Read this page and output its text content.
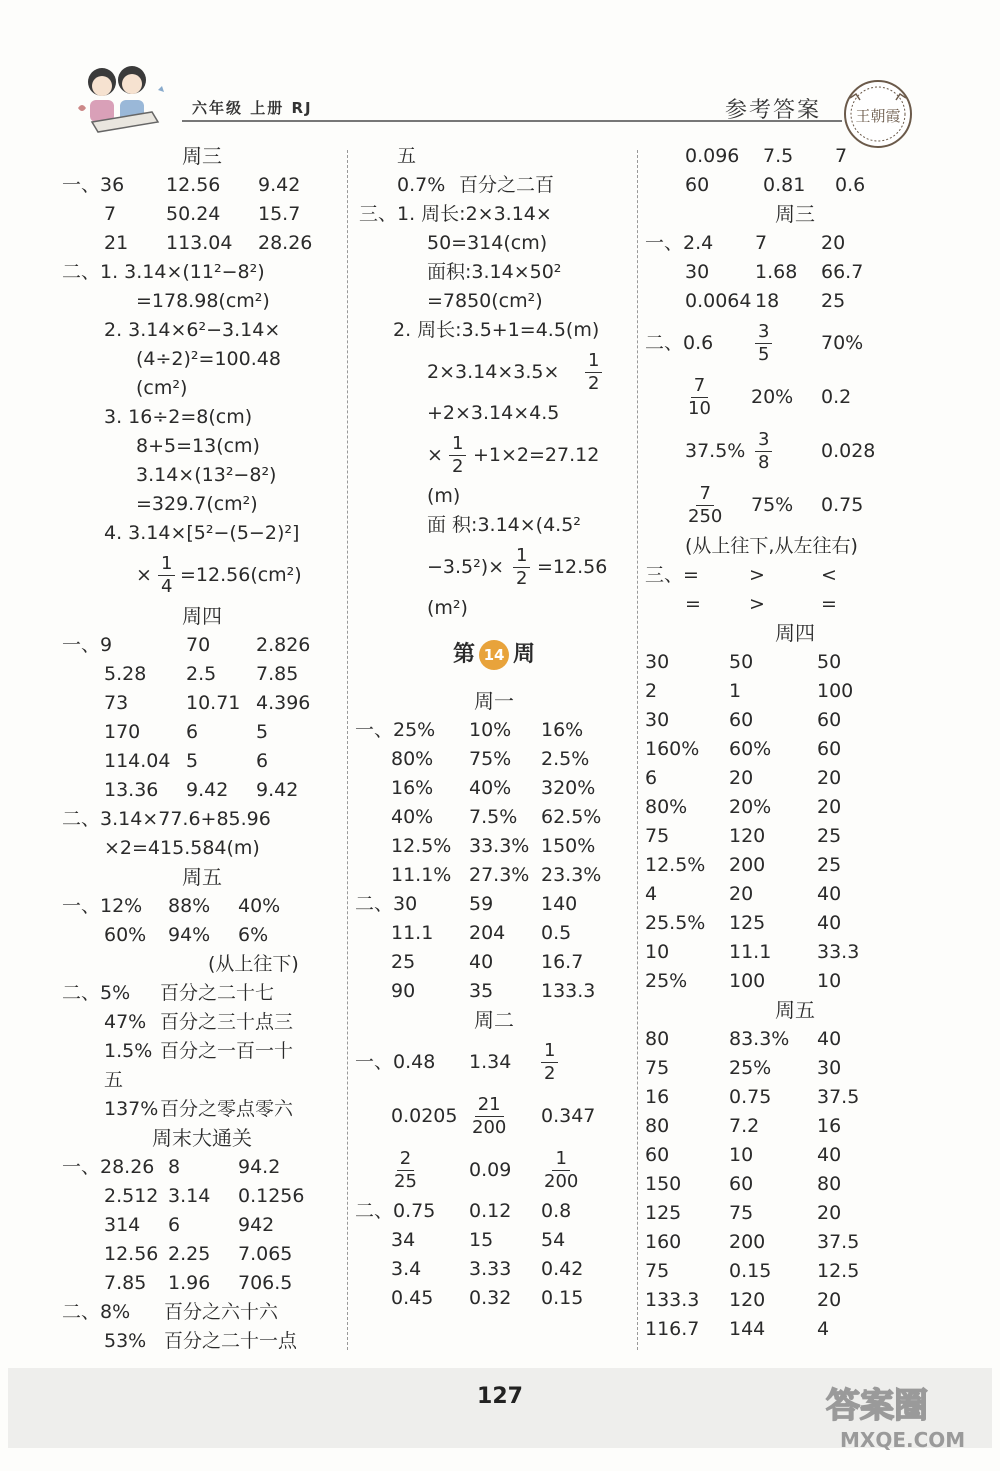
六年级 上册 RJ	参考答案 王朝霞
周三
一、36 12.56 9.42
7	50.24 15.7
21 113.04 28.26
二、1. 3.14×(11²−8²)
=178.98(cm²)
2. 3.14×6²−3.14×
(4÷2)²=100.48
(cm²)
3. 16÷2=8(cm)
8+5=13(cm)
3.14×(13²−8²)
=329.7(cm²)
4. 3.14×[5²−(5−2)²]
× $\frac{1}{4} =12.56(cm^2)$
周四
一、9	70 2.826
5.28 2.5 7.85
73	10.71 4.396
170 6	5
114.04 5	6
13.36 9.42 9.42
二、3.14×77.6+85.96
×2=415.584(m)
周五
一、12% 88% 40%
60% 94% 6%
(从上往下)
二、5% 百分之二十七
47% 百分之三十点三
1.5% 百分之一百一十
五
137% 百分之零点零六
周末大通关
一、28.26 8	94.2
2.512 3.14 0.1256
314 6	942
12.56 2.25 7.065
7.85 1.96 706.5
二、8% 百分之六十六
53% 百分之二十一点
五
0.7% 百分之二百
三、1. 周长:2×3.14×
50=314(cm)
面积:3.14×50²
=7850(cm²)
2. 周长:3.5+1=4.5(m)
$2\times 3.14\times 3.5\times \frac{1}{2}$
+2×3.14×4.5
× $\frac{1}{2} +1\times 2=27.12$
(m)
面 积:3.14×(4.5²
$-3.5^2)\times \frac{1}{2} =12.56$
(m²)
第 14 周
周一
一、25% 10% 16%
80% 75% 2.5%
16% 40% 320%
40% 7.5% 62.5%
12.5% 33.3% 150%
11.1% 27.3% 23.3%
二、30	59	140
11.1 204 0.5
25	40	16.7
90	35	133.3
周二
一、0.48 $1.34 \frac{1}{2}$
$0.0205 \frac{21}{200} 0.347$
$\frac{2}{25}$	$0.09 \frac{1}{200}$
二、0.75 0.12 0.8
34	15	54
3.4	3.33 0.42
0.45 0.32 0.15
0.096 7.5 7
60	0.81 0.6
周三
一、2.4 7	20
30 1.68 66.7
0.0064 18 25
二、$0.6 \frac{3}{5}$	70%
$\frac{7}{10} 20\%$ 0.2
$37.5\% \frac{3}{8}$	0.028
$\frac{7}{250} 75\%$ 0.75
(从上往下,从左往右)
三、=	>	<
=	>	=
周四
30	50	50
2	1	100
30	60	60
160% 60% 60
6	20	20
80% 20% 20
75	120	25
12.5% 200	25
4	20	40
25.5% 125	40
10	11.1 33.3
25% 100	10
周五
80	83.3% 40
75	25% 30
16	0.75 37.5
80	7.2	16
60	10	40
150	60	80
125	75	20
160	200	37.5
75	0.15 12.5
133.3 120	20
116.7 144	4
127	答案圈
MXQE.COM
